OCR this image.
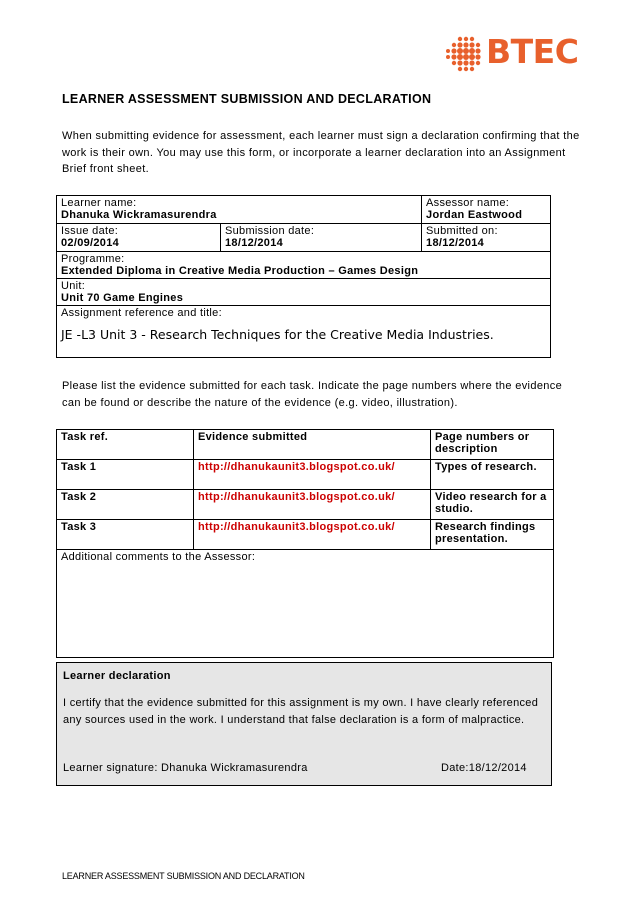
BTEC
LEARNER ASSESSMENT SUBMISSION AND DECLARATION
When submitting evidence for assessment, each learner must sign a declaration confirming that the work is their own. You may use this form, or incorporate a learner declaration into an Assignment Brief front sheet.
Learner name:
Dhanuka Wickramasurendra		Assessor name:
Jordan Eastwood

Issue date:
02/09/2014	Submission date:
18/12/2014	Submitted on:
18/12/2014

Programme:
Extended Diploma in Creative Media Production – Games Design		

Unit:
Unit 70 Game Engines		

Assignment reference and title:
JE -L3 Unit 3 - Research Techniques for the Creative Media Industries.		
Please list the evidence submitted for each task. Indicate the page numbers where the evidence can be found or describe the nature of the evidence (e.g. video, illustration).
Task ref.	Evidence submitted	Page numbers or description
Task 1	http://dhanukaunit3.blogspot.co.uk/	Types of research.
Task 2	http://dhanukaunit3.blogspot.co.uk/	Video research for a studio.
Task 3	http://dhanukaunit3.blogspot.co.uk/	Research findings presentation.
Additional comments to the Assessor:		
Learner declaration
I certify that the evidence submitted for this assignment is my own. I have clearly referenced any sources used in the work. I understand that false declaration is a form of malpractice.
Learner signature: Dhanuka Wickramasurendra	Date:18/12/2014
LEARNER ASSESSMENT SUBMISSION AND DECLARATION
